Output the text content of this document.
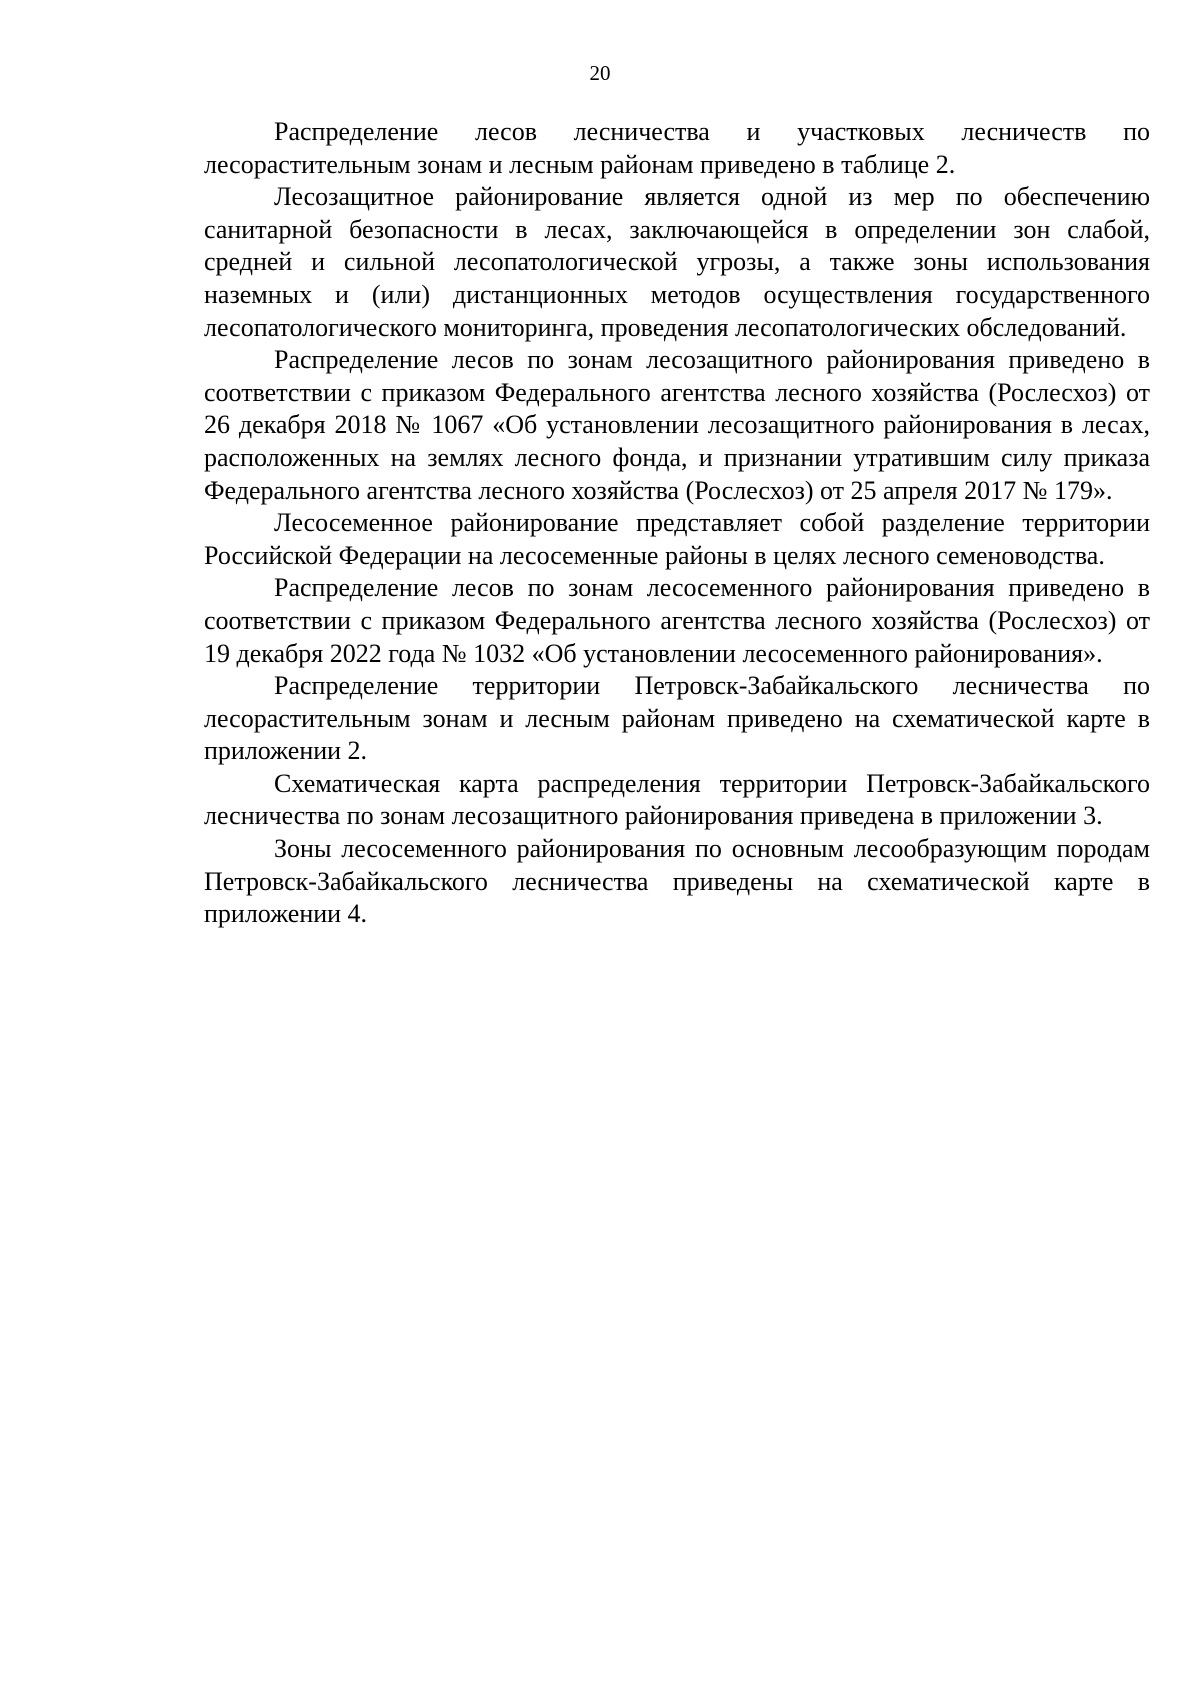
20

Распределение лесов лесничества и участковых лесничеств по лесорастительным зонам и лесным районам приведено в таблице 2.

Лесозащитное районирование является одной из мер по обеспечению санитарной безопасности в лесах, заключающейся в определении зон слабой, средней и сильной лесопатологической угрозы, а также зоны использования наземных и (или) дистанционных методов осуществления государственного лесопатологического мониторинга, проведения лесопатологических обследований.

Распределение лесов по зонам лесозащитного районирования приведено в соответствии с приказом Федерального агентства лесного хозяйства (Рослесхоз) от 26 декабря 2018 № 1067 «Об установлении лесозащитного районирования в лесах, расположенных на землях лесного фонда, и признании утратившим силу приказа Федерального агентства лесного хозяйства (Рослесхоз) от 25 апреля 2017 № 179».

Лесосеменное районирование представляет собой разделение территории Российской Федерации на лесосеменные районы в целях лесного семеноводства.

Распределение лесов по зонам лесосеменного районирования приведено в соответствии с приказом Федерального агентства лесного хозяйства (Рослесхоз) от 19 декабря 2022 года № 1032 «Об установлении лесосеменного районирования».

Распределение территории Петровск-Забайкальского лесничества по лесорастительным зонам и лесным районам приведено на схематической карте в приложении 2.

Схематическая карта распределения территории Петровск-Забайкальского лесничества по зонам лесозащитного районирования приведена в приложении 3.

Зоны лесосеменного районирования по основным лесообразующим породам Петровск-Забайкальского лесничества приведены на схематической карте в приложении 4.
